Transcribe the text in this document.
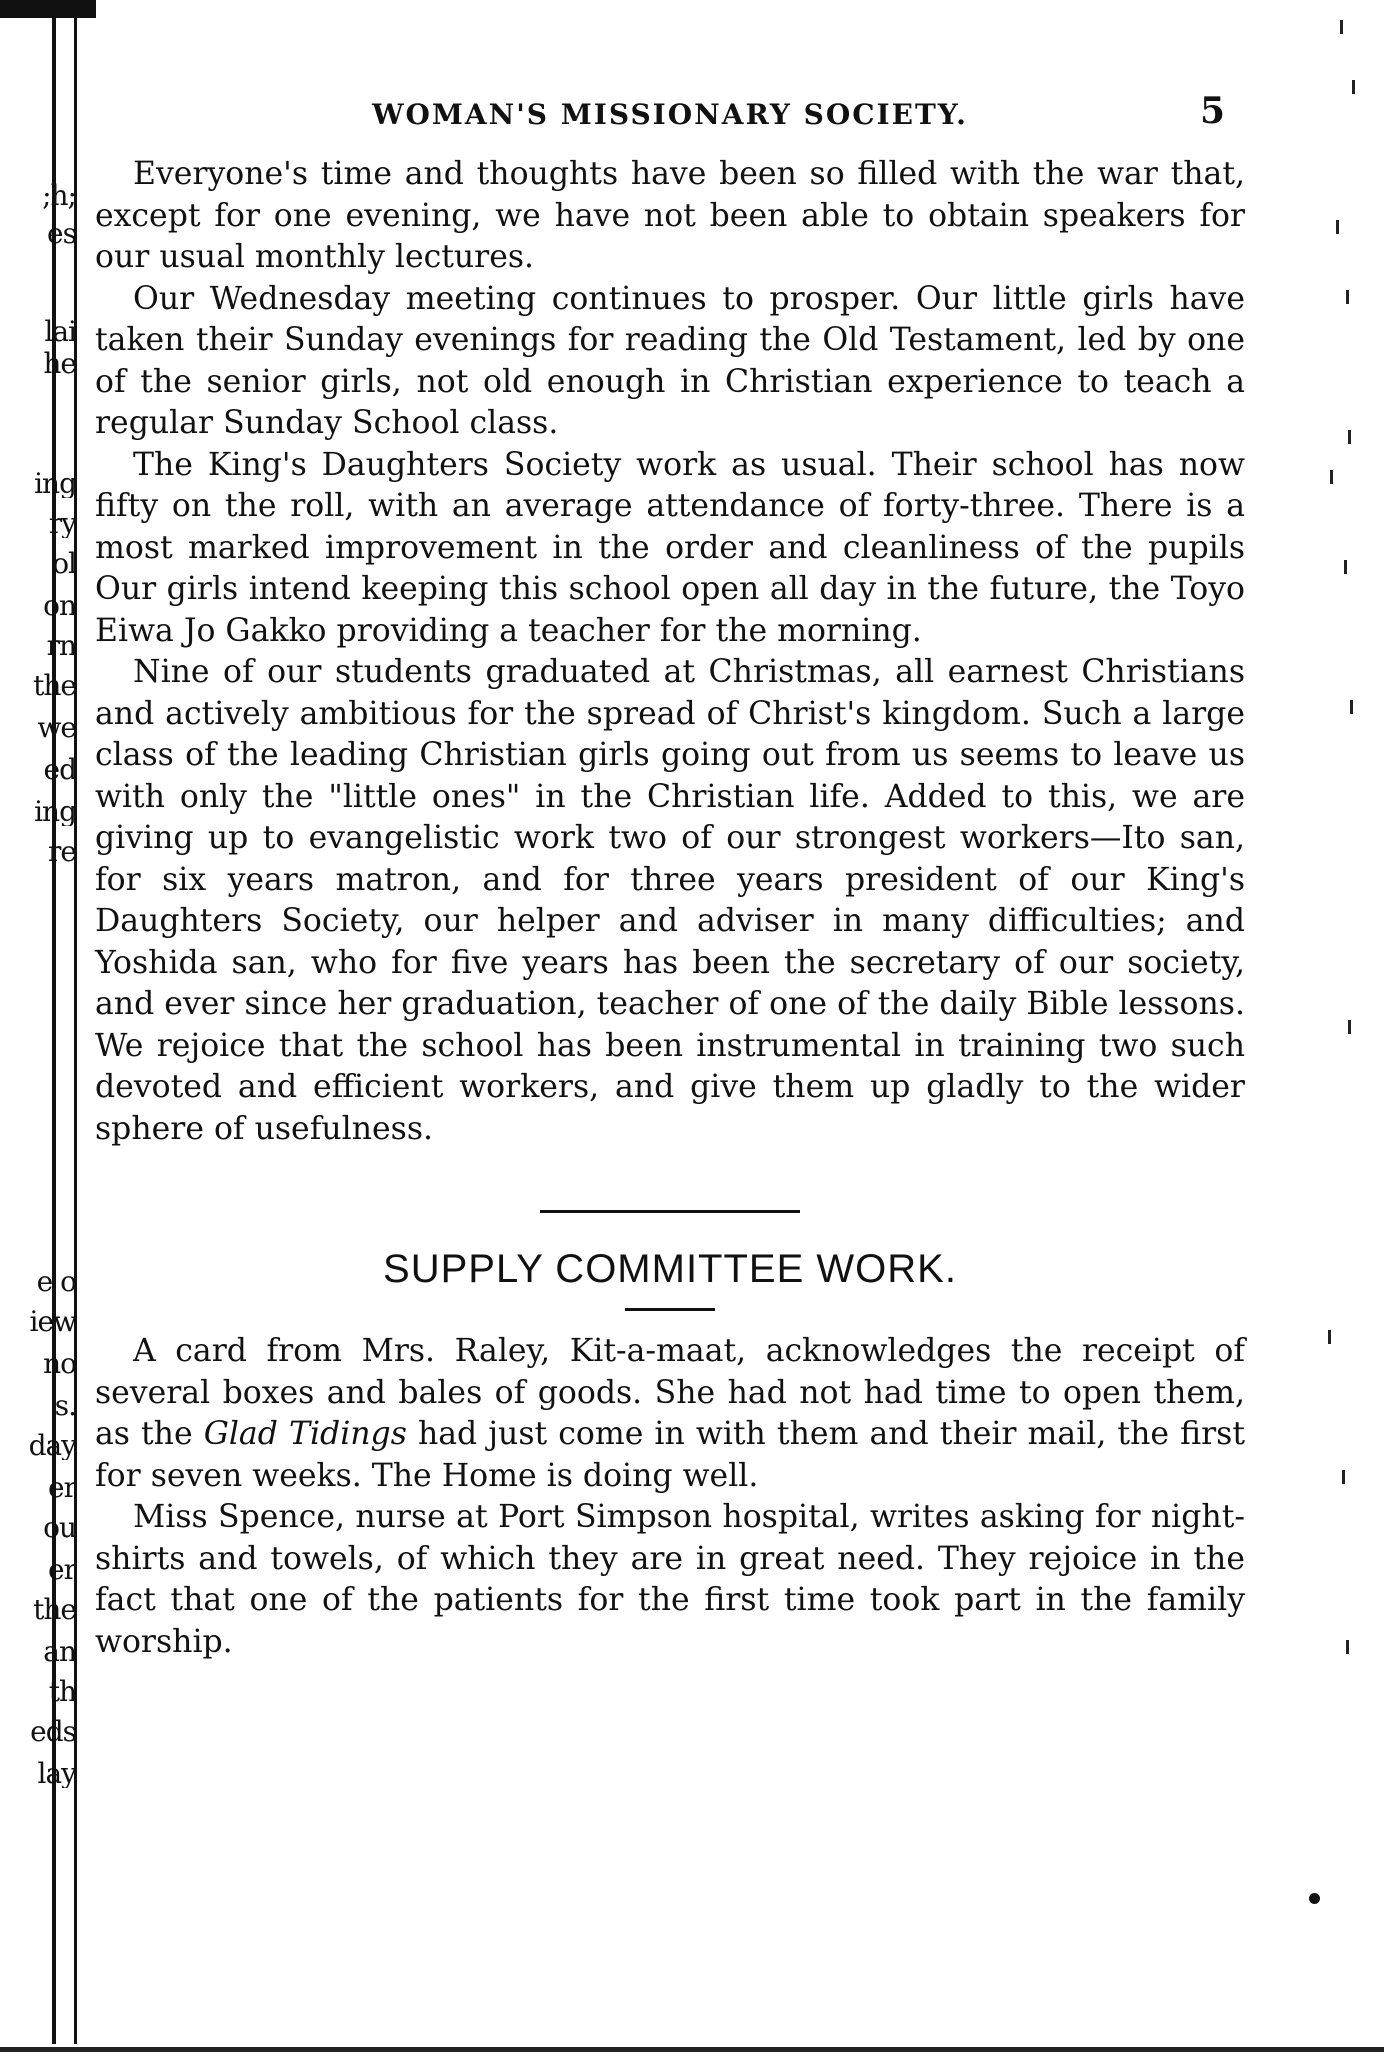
;h;
es
lai
he
ing
ry
ol
on
rn
the
we
ed
ing
re
e o
iew
no
s.
day
er
ou
er
the
an
th
eds
lay
WOMAN'S MISSIONARY SOCIETY.	5

Everyone's time and thoughts have been so filled with the war that, except for one evening, we have not been able to obtain speakers for our usual monthly lectures.

Our Wednesday meeting continues to prosper. Our little girls have taken their Sunday evenings for reading the Old Testament, led by one of the senior girls, not old enough in Christian experience to teach a regular Sunday School class.

The King's Daughters Society work as usual. Their school has now fifty on the roll, with an average attendance of forty-three. There is a most marked improvement in the order and cleanliness of the pupils Our girls intend keeping this school open all day in the future, the Toyo Eiwa Jo Gakko providing a teacher for the morning.

Nine of our students graduated at Christmas, all earnest Christians and actively ambitious for the spread of Christ's kingdom. Such a large class of the leading Christian girls going out from us seems to leave us with only the "little ones" in the Christian life. Added to this, we are giving up to evangelistic work two of our strongest workers—Ito san, for six years matron, and for three years president of our King's Daughters Society, our helper and adviser in many difficulties; and Yoshida san, who for five years has been the secretary of our society, and ever since her graduation, teacher of one of the daily Bible lessons. We rejoice that the school has been instrumental in training two such devoted and efficient workers, and give them up gladly to the wider sphere of usefulness.

SUPPLY COMMITTEE WORK.

A card from Mrs. Raley, Kit-a-maat, acknowledges the receipt of several boxes and bales of goods. She had not had time to open them, as the Glad Tidings had just come in with them and their mail, the first for seven weeks. The Home is doing well.

Miss Spence, nurse at Port Simpson hospital, writes asking for night-shirts and towels, of which they are in great need. They rejoice in the fact that one of the patients for the first time took part in the family worship.
